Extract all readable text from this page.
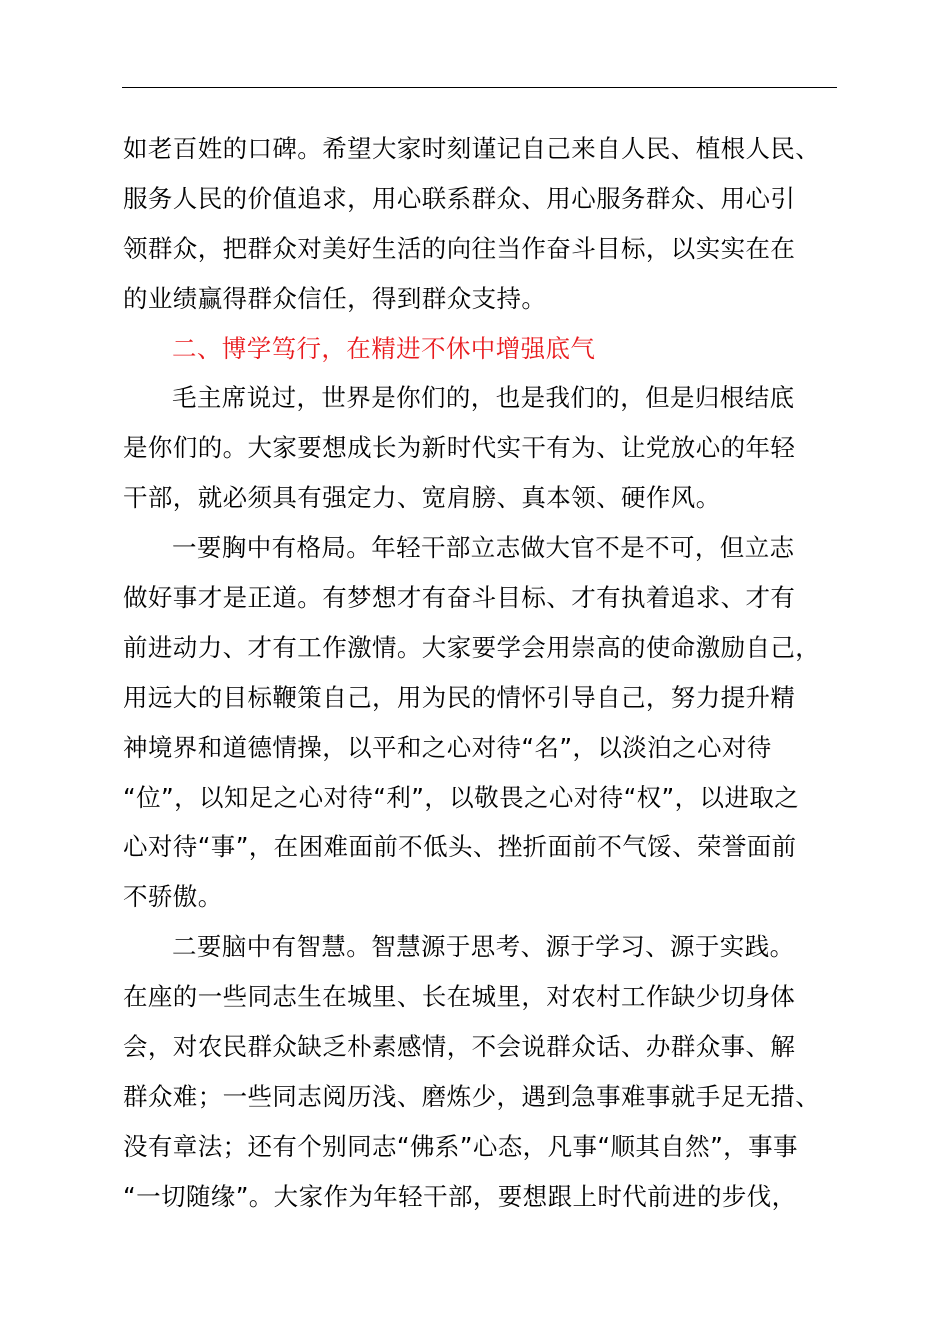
如老百姓的口碑。希望大家时刻谨记自己来自人民、植根人民、
服务人民的价值追求，用心联系群众、用心服务群众、用心引
领群众，把群众对美好生活的向往当作奋斗目标，以实实在在
的业绩赢得群众信任，得到群众支持。
二、博学笃行，在精进不休中增强底气
毛主席说过，世界是你们的，也是我们的，但是归根结底
是你们的。大家要想成长为新时代实干有为、让党放心的年轻
干部，就必须具有强定力、宽肩膀、真本领、硬作风。
一要胸中有格局。年轻干部立志做大官不是不可，但立志
做好事才是正道。有梦想才有奋斗目标、才有执着追求、才有
前进动力、才有工作激情。大家要学会用崇高的使命激励自己，
用远大的目标鞭策自己，用为民的情怀引导自己，努力提升精
神境界和道德情操，以平和之心对待“名”，以淡泊之心对待
“位”，以知足之心对待“利”，以敬畏之心对待“权”，以进取之
心对待“事”，在困难面前不低头、挫折面前不气馁、荣誉面前
不骄傲。
二要脑中有智慧。智慧源于思考、源于学习、源于实践。
在座的一些同志生在城里、长在城里，对农村工作缺少切身体
会，对农民群众缺乏朴素感情，不会说群众话、办群众事、解
群众难；一些同志阅历浅、磨炼少，遇到急事难事就手足无措、
没有章法；还有个别同志“佛系”心态，凡事“顺其自然”，事事
“一切随缘”。大家作为年轻干部，要想跟上时代前进的步伐，
